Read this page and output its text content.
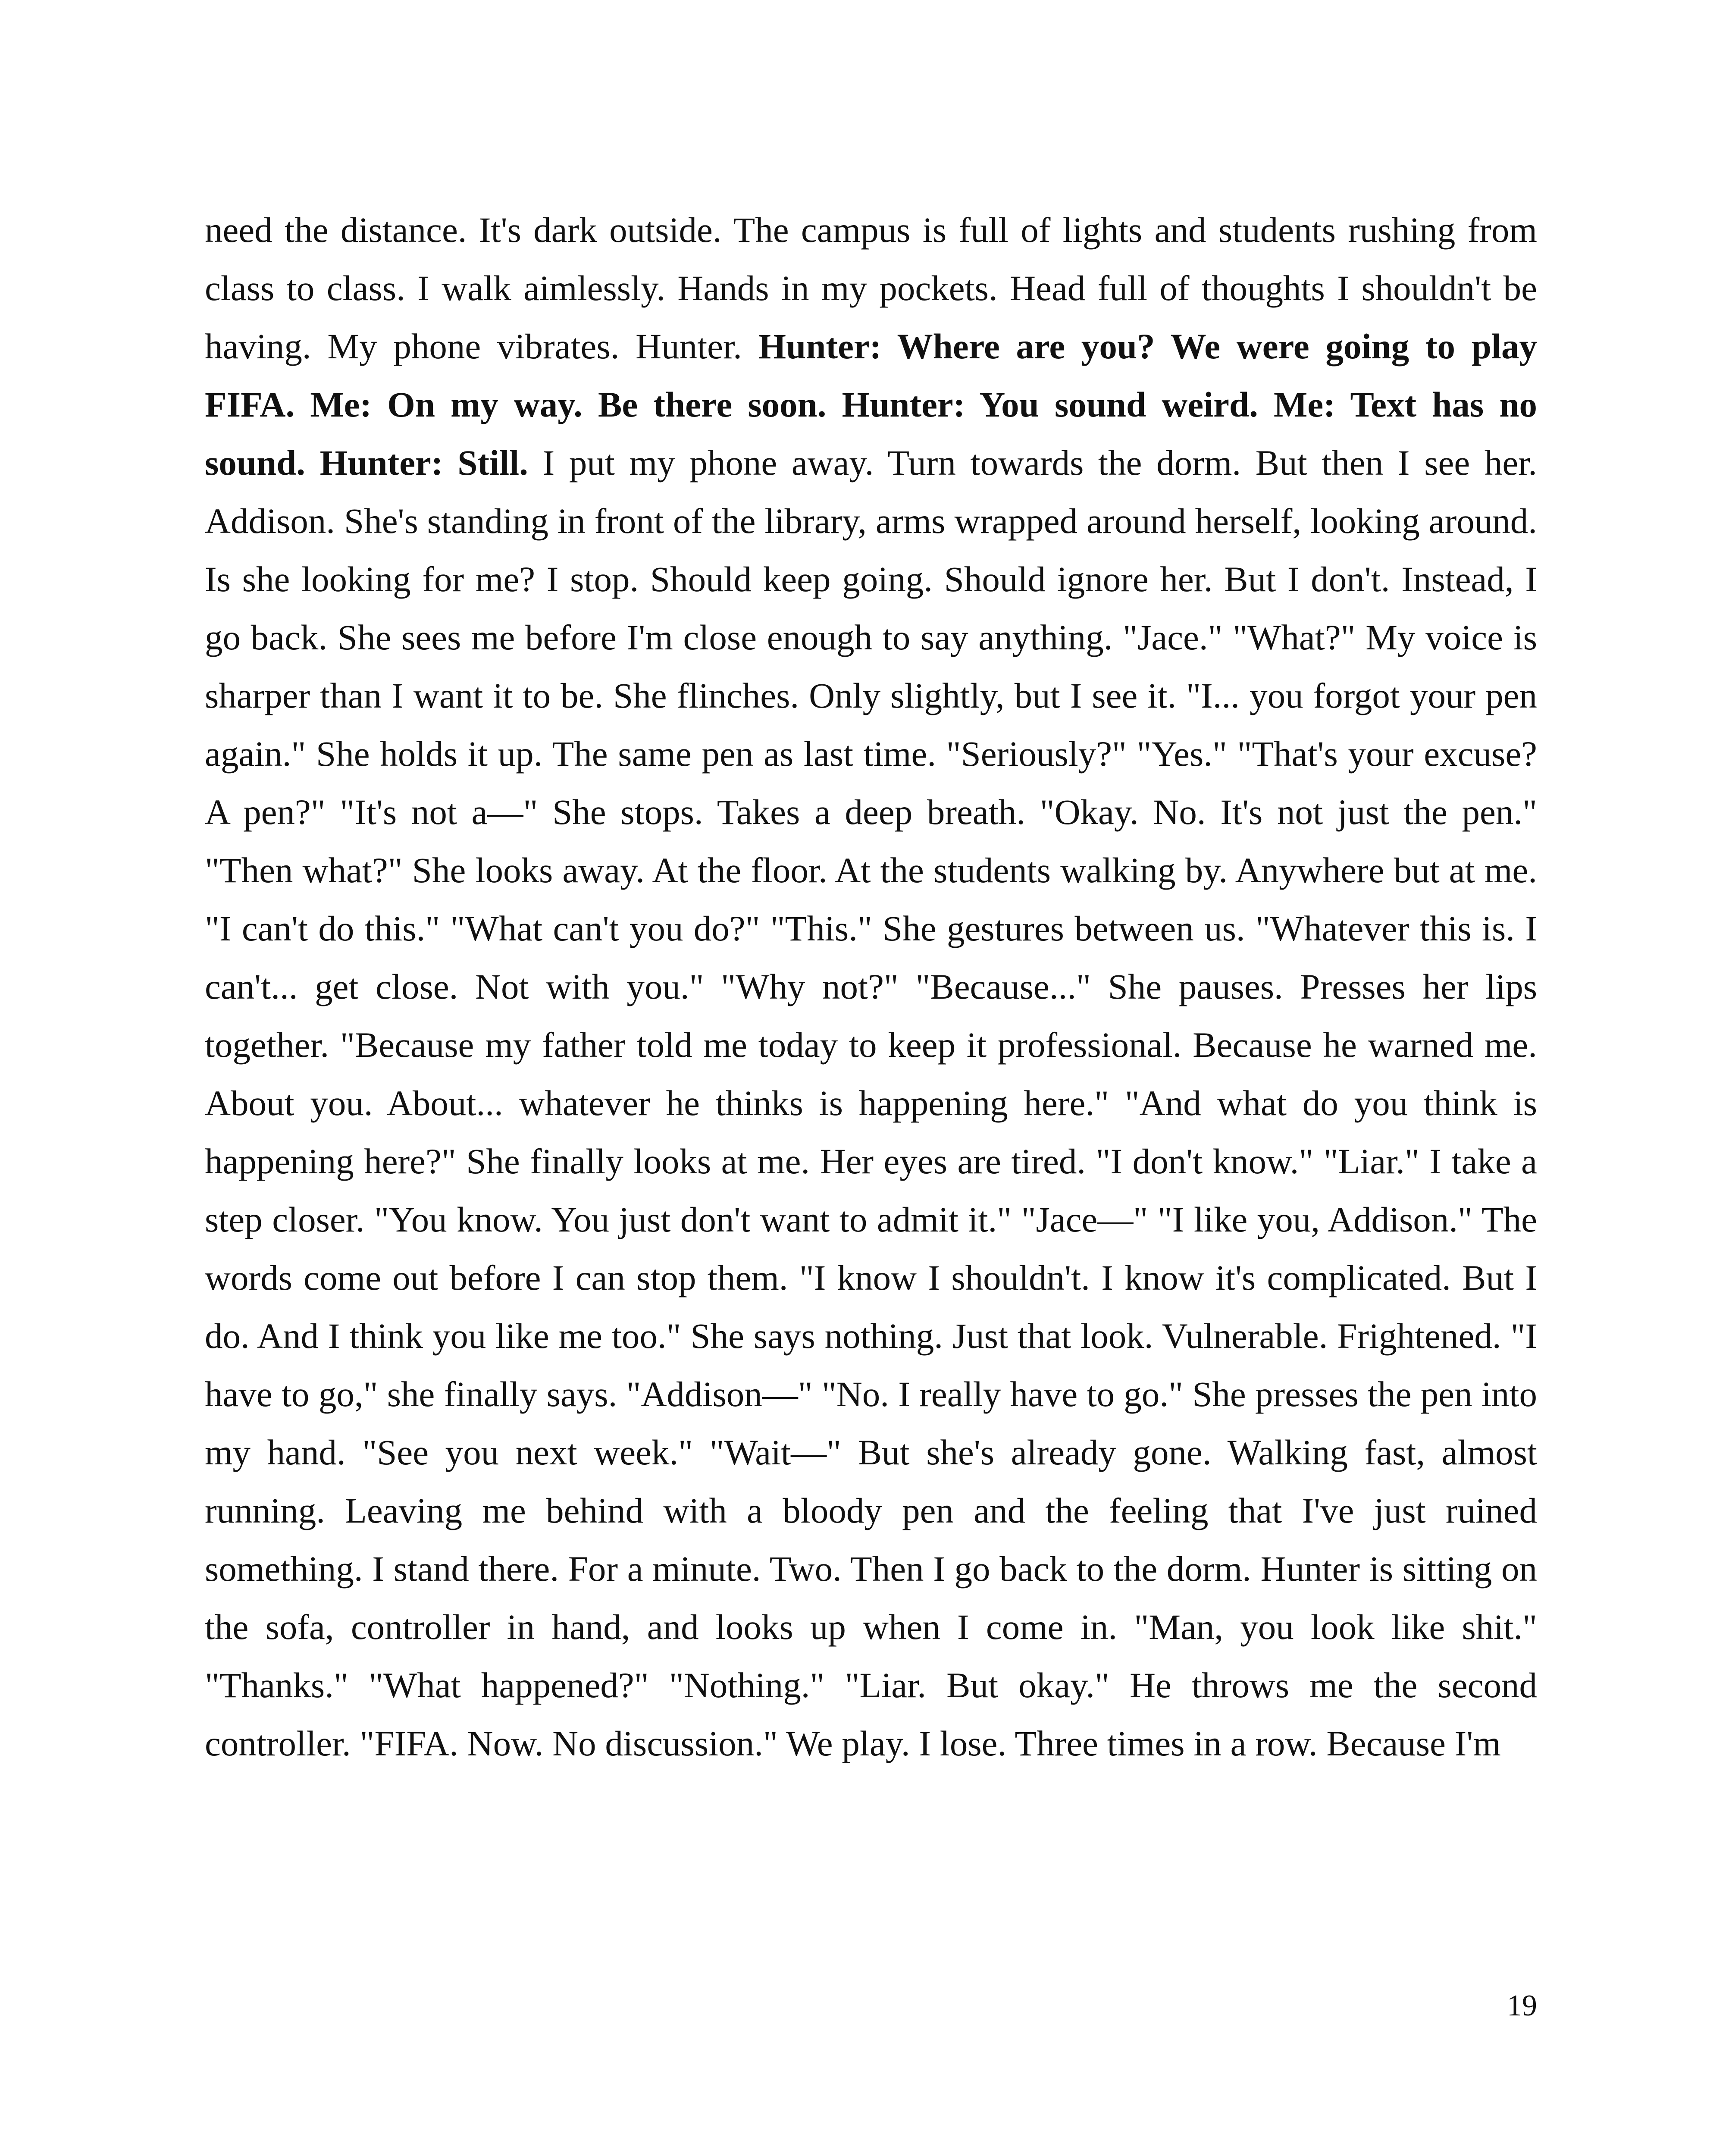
need the distance. It's dark outside. The campus is full of lights and students rushing from class to class. I walk aimlessly. Hands in my pockets. Head full of thoughts I shouldn't be having. My phone vibrates. Hunter. Hunter: Where are you? We were going to play FIFA. Me: On my way. Be there soon. Hunter: You sound weird. Me: Text has no sound. Hunter: Still. I put my phone away. Turn towards the dorm. But then I see her. Addison. She's standing in front of the library, arms wrapped around herself, looking around. Is she looking for me? I stop. Should keep going. Should ignore her. But I don't. Instead, I go back. She sees me before I'm close enough to say anything. "Jace." "What?" My voice is sharper than I want it to be. She flinches. Only slightly, but I see it. "I... you forgot your pen again." She holds it up. The same pen as last time. "Seriously?" "Yes." "That's your excuse? A pen?" "It's not a—" She stops. Takes a deep breath. "Okay. No. It's not just the pen." "Then what?" She looks away. At the floor. At the students walking by. Anywhere but at me. "I can't do this." "What can't you do?" "This." She gestures between us. "Whatever this is. I can't... get close. Not with you." "Why not?" "Because..." She pauses. Presses her lips together. "Because my father told me today to keep it professional. Because he warned me. About you. About... whatever he thinks is happening here." "And what do you think is happening here?" She finally looks at me. Her eyes are tired. "I don't know." "Liar." I take a step closer. "You know. You just don't want to admit it." "Jace—" "I like you, Addison." The words come out before I can stop them. "I know I shouldn't. I know it's complicated. But I do. And I think you like me too." She says nothing. Just that look. Vulnerable. Frightened. "I have to go," she finally says. "Addison—" "No. I really have to go." She presses the pen into my hand. "See you next week." "Wait—" But she's already gone. Walking fast, almost running. Leaving me behind with a bloody pen and the feeling that I've just ruined something. I stand there. For a minute. Two. Then I go back to the dorm. Hunter is sitting on the sofa, controller in hand, and looks up when I come in. "Man, you look like shit." "Thanks." "What happened?" "Nothing." "Liar. But okay." He throws me the second controller. "FIFA. Now. No discussion." We play. I lose. Three times in a row. Because I'm

19
